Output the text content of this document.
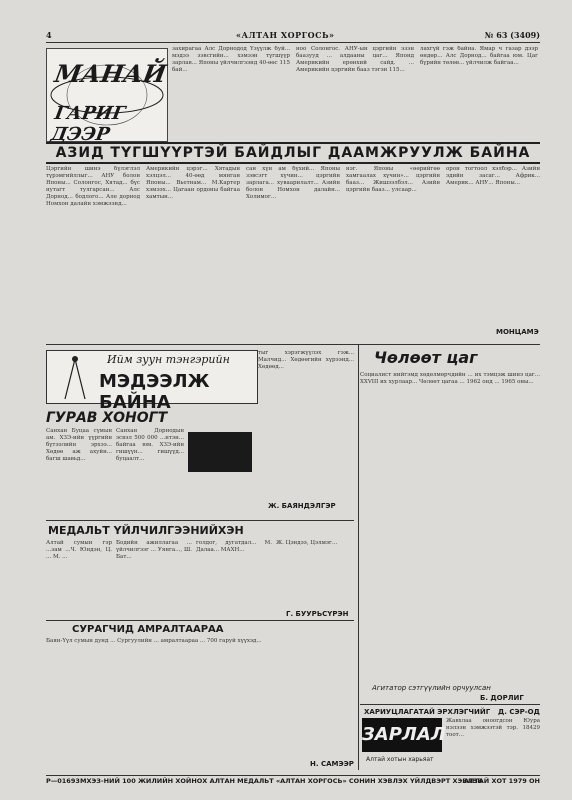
4	«АЛТАН ХОРГОСЬ»	№ 63 (3409)
МАНАЙ
ГАРИГ ДЭЭР
захирагаа Алс Дорнодод Үзүүлж буй... мэдээ зэвсгийн... хэмээн түгшүүр зарлав... Японы үйлчилгээнд 40-өөс 115 бай...
ноо Солонгос. АНУ-ын цэргийн эзэн баазууд ... алдааны цаг... Японд Америкийн ерөнхий сайд. ... Америкийн цэргийн бааз тэгэн 115...
лахгүй гэж байна. Ямар ч газар дээр өндөр... Алс Дорнод... байгаа юм. Цаг бүрийн төлөв... үйлчилж байгаа...
АЗИД ТҮГШҮҮРТЭЙ БАЙДЛЫГ ДААМЖРУУЛЖ БАЙНА
Цэргийн шинэ бүлэглэл түрэмгийллыг... АНУ болон Японы... Солонгос, Хятад... бүс нутагт тулгарсан... Алс Дорнод... бодлого... Але дорнод Номхон далайн хэмжээнд...
Америкийн цэрэг... Хятадын хэлцэл... 40-өөд мянган Японы... Вьетнам... М.Картер хэмээх... Цагаан ордоны байгаа хамтын...
сан хүн ам бүхий... Японы зэвсэгт хүчин... цэргийн зарлага... хуваарилалт... Азийн болон Номхон далайн... Холимог...
нэг. Японы «өөрийгөө хамгаалах хүчин»... цэргийн бааз... Жишээлбэл... Азийн цэргийн бааз... улсаар...
орон тогтоол хэлбэр... Азийн эдийн засаг... Африк... Америк... АНУ... Японы...
МОНЦАМЭ
Ийм зуун тэнгэрийн
МЭДЭЭЛЖ БАЙНА
ГУРАВ ХОНОГТ
Санхан Буцаа сүмын ам. ХЗЭ-ийн үүргийн бүтээлийн эрхээ... Хөдөө аж ахуйн... багш шавьд...
Санхан Дорнодын эсвэл 500 000 ...нтэн... байгаа юм. ХЗЭ-ийн гишүүн... гишүүд... буцаалт...
тыг хэрэгжүүлэх гэж... Малчид... Хөдөөгийн хүрээнд... Хөдөөд...
Ж. БАЯНДЭЛГЭР
Чөлөөт цаг
Социалист нийгэмд хөдөлмөрчдийн ... их тэмцэж шинэ цаг... ХХVIII их хурлаар... Чөлөөт цагаа ... 1962 онд ... 1965 оны...
Агитатор сэтгүүлийн орчуулсан
Б. ДОРЛИГ
МЕДАЛЬТ ҮЙЛЧИЛГЭЭНИЙХЭН
Алтай сумын гэр ...зам ...Ч. Юндэн, Ц. ... М. ...
Бодийн ажиллагаа ... үйлчилгээг ... Уянга..., Ш. Бат...
голдог, дугатдал... М. Далаа... МАХН...
Ж. Цэндээ, Цэлмэг...
Г. БУУРЬСҮРЭН
СУРАГЧИД АМРАЛТААРАА
Баян-Үүл сумын дунд ... Сургуулийн ... амралтаараа ... 700 гаруй хүүхэд...
Н. САМЭЭР
ХАРИУЦЛАГАТАЙ ЭРХЛЭГЧИЙГ Д. СЭР-ОД
ЗАРЛАЛ
Жавхлаа оноогдсон Юура нэлээн хэмжээтэй тэр. 18429 тоот...
Алтай хотын харьяат
Р—01693 МХЭЗ-НИЙ 100 ЖИЛИЙН ХОЙНОХ АЛТАН МЕДАЛЬТ «АЛТАН ХОРГОСЬ» СОНИН ХЭВЛЭХ ҮЙЛДВЭРТ ХЭВЛЭВ
АЛТАЙ ХОТ 1979 ОН
